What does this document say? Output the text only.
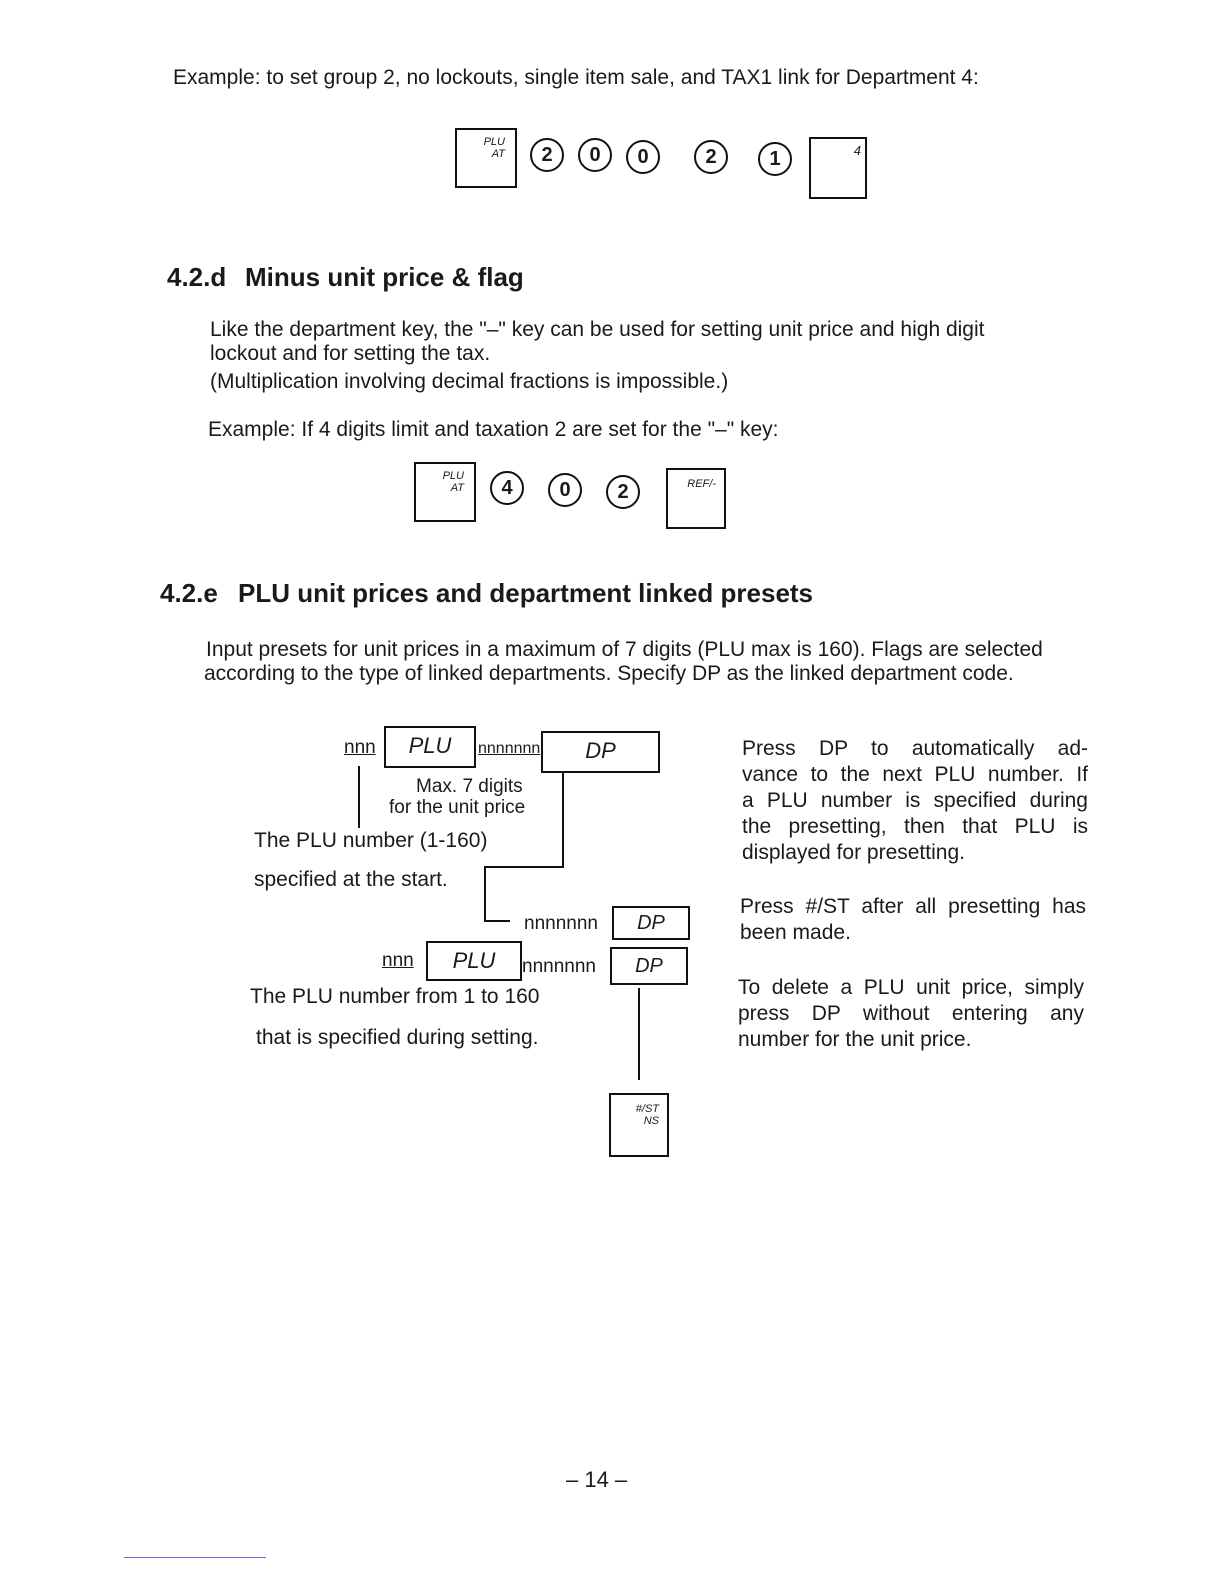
Example: to set group 2, no lockouts, single item sale, and TAX1 link for Department 4:
PLU
AT	2	0	0	2	1	4
4.2.d Minus unit price & flag
Like the department key, the "–" key can be used for setting unit price and high digit
lockout and for setting the tax.
(Multiplication involving decimal fractions is impossible.)
Example: If 4 digits limit and taxation 2 are set for the "–" key:
PLU
AT	4	0	2	REF/-
4.2.e PLU unit prices and department linked presets
Input presets for unit prices in a maximum of 7 digits (PLU max is 160). Flags are selected
according to the type of linked departments. Specify DP as the linked department code.
nnn	PLU	nnnnnnn	DP
Max. 7 digits
for the unit price
The PLU number (1-160)
specified at the start.
nnnnnnn	DP
nnn	PLU	nnnnnnn	DP
The PLU number from 1 to 160
that is specified during setting.
#/ST
NS
Press DP to automatically ad-
vance to the next PLU number. If
a PLU number is specified during
the presetting, then that PLU is
displayed for presetting.
Press #/ST after all presetting has
been made.
To delete a PLU unit price, simply
press DP without entering any
number for the unit price.
– 14 –
